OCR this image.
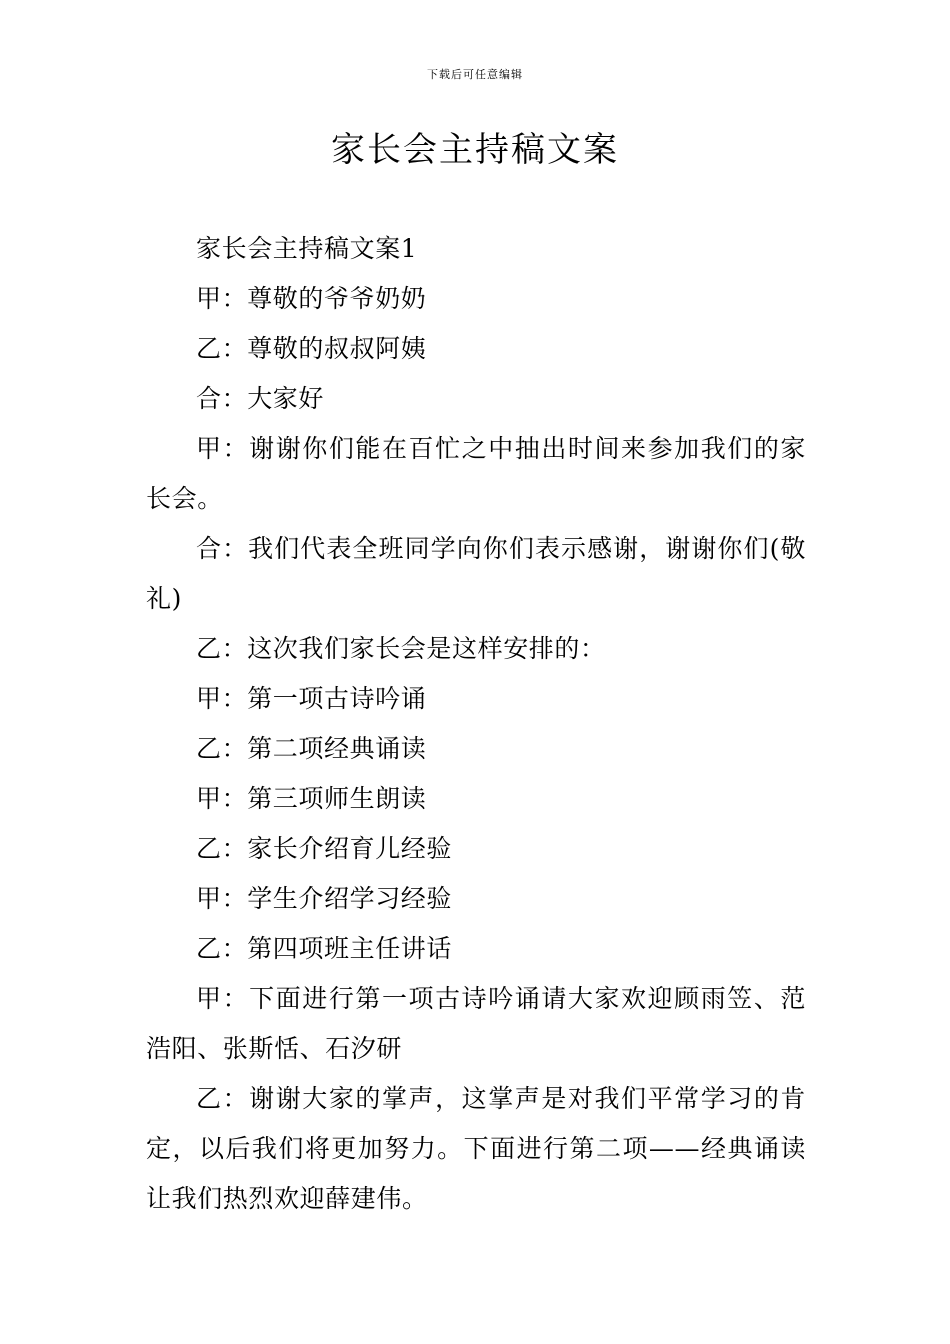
下载后可任意编辑
家长会主持稿文案

家长会主持稿文案1

甲：尊敬的爷爷奶奶

乙：尊敬的叔叔阿姨

合：大家好

甲：谢谢你们能在百忙之中抽出时间来参加我们的家长会。

合：我们代表全班同学向你们表示感谢，谢谢你们(敬礼)

乙：这次我们家长会是这样安排的：

甲：第一项古诗吟诵

乙：第二项经典诵读

甲：第三项师生朗读

乙：家长介绍育儿经验

甲：学生介绍学习经验

乙：第四项班主任讲话

甲：下面进行第一项古诗吟诵请大家欢迎顾雨笠、范浩阳、张斯恬、石汐研

乙：谢谢大家的掌声，这掌声是对我们平常学习的肯定，以后我们将更加努力。下面进行第二项——经典诵读让我们热烈欢迎薛建伟。
